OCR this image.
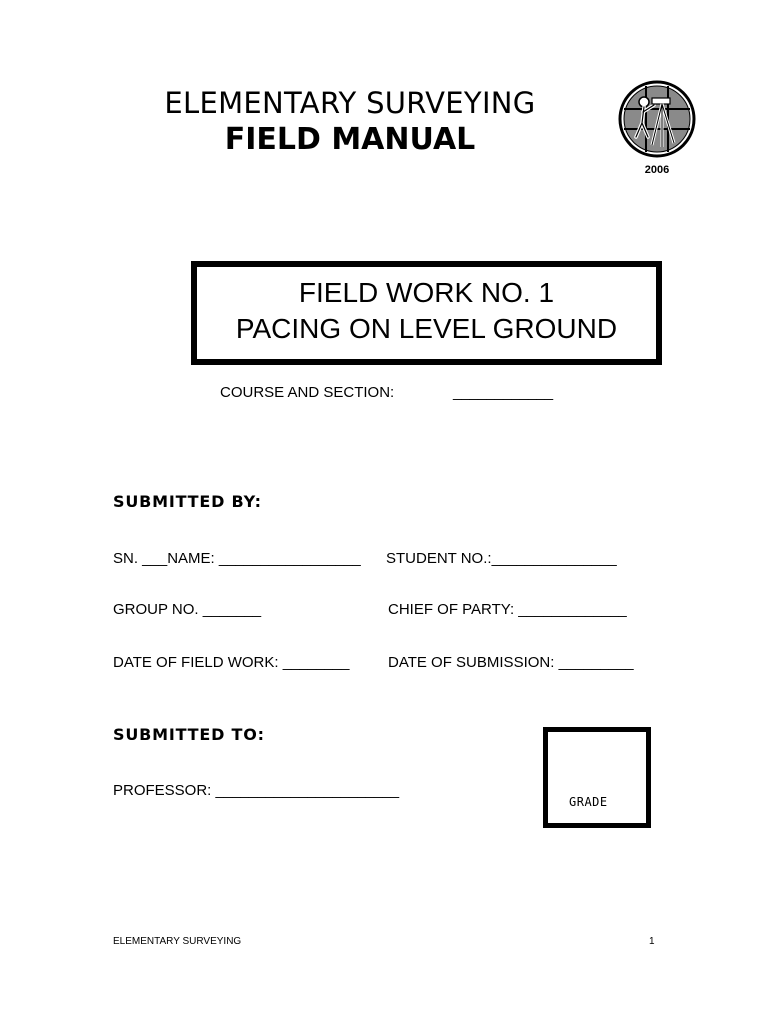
ELEMENTARY SURVEYING
FIELD MANUAL
2006
FIELD WORK NO. 1
PACING ON LEVEL GROUND
COURSE AND SECTION:	____________
SUBMITTED BY:
SN. ___NAME: _________________ STUDENT NO.:_______________
GROUP NO. _______	CHIEF OF PARTY: _____________
DATE OF FIELD WORK: ________	DATE OF SUBMISSION: _________
SUBMITTED TO:
PROFESSOR: ______________________
GRADE
ELEMENTARY SURVEYING	1
